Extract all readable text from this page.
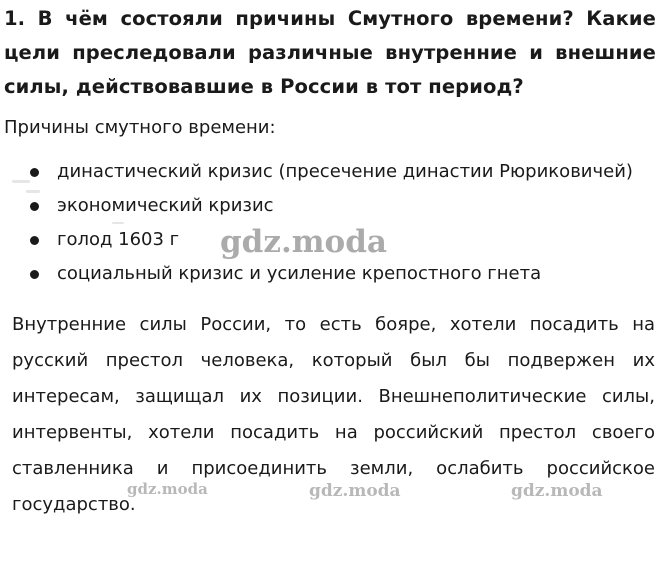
1. В чём состояли причины Смутного времени? Какие цели преследовали различные внутренние и внешние силы, действовавшие в России в тот период?

Причины смутного времени:

династический кризис (пресечение династии Рюриковичей)
экономический кризис
голод 1603 г
социальный кризис и усиление крепостного гнета

Внутренние силы России, то есть бояре, хотели посадить на русский престол человека, который был бы подвержен их интересам, защищал их позиции. Внешнеполитические силы, интервенты, хотели посадить на российский престол своего ставленника и присоединить земли, ослабить российское государство.

gdz.moda
gdz.moda	gdz.moda	gdz.moda
